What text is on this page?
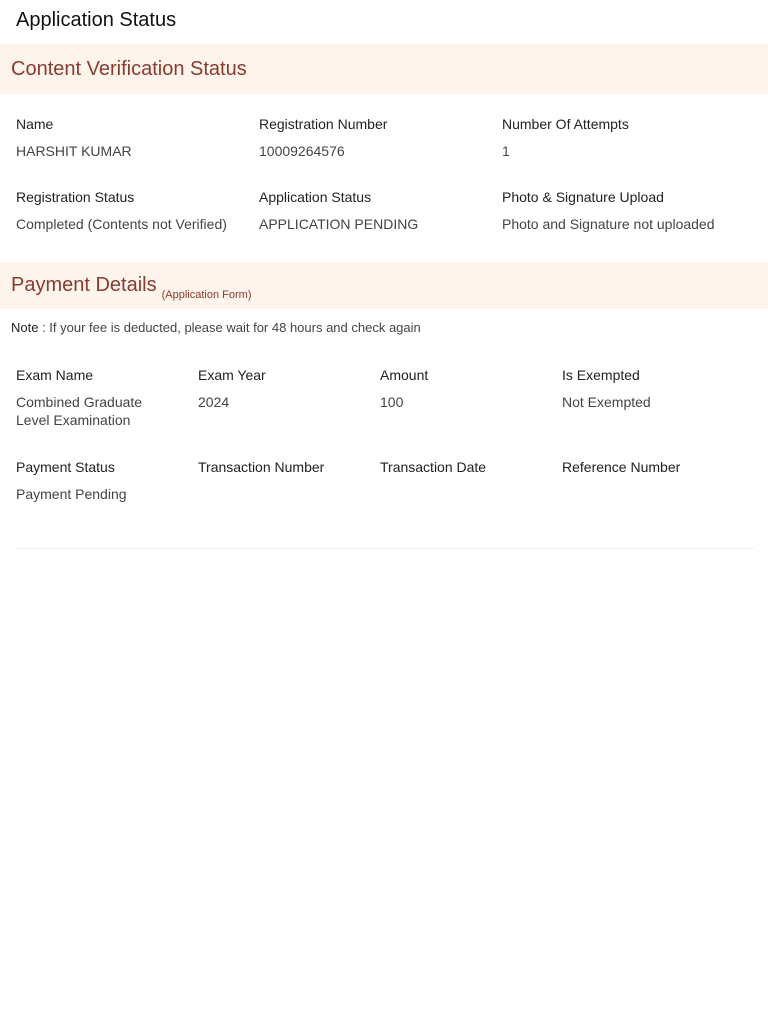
Application Status
Content Verification Status
Name
HARSHIT KUMAR
Registration Number
10009264576
Number Of Attempts
1
Registration Status
Completed (Contents not Verified)
Application Status
APPLICATION PENDING
Photo & Signature Upload
Photo and Signature not uploaded
Payment Details (Application Form)
Note : If your fee is deducted, please wait for 48 hours and check again
Exam Name
Combined Graduate Level Examination
Exam Year
2024
Amount
100
Is Exempted
Not Exempted
Payment Status
Payment Pending
Transaction Number	Transaction Date	Reference Number
